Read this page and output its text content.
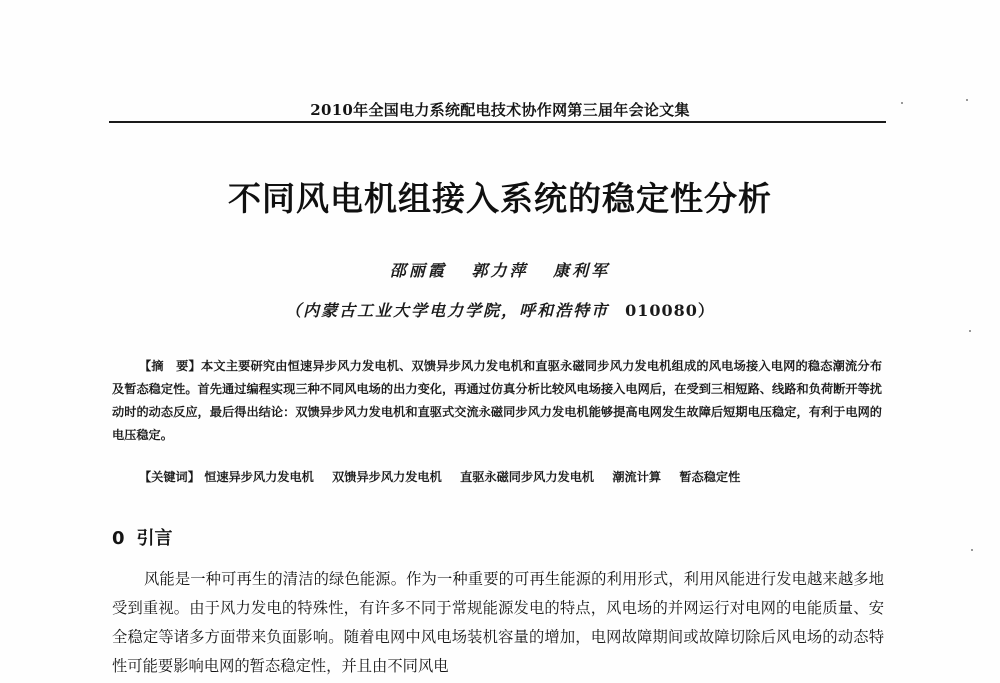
2010年全国电力系统配电技术协作网第三届年会论文集
不同风电机组接入系统的稳定性分析
邵丽霞 郭力萍 康利军
（内蒙古工业大学电力学院，呼和浩特市 010080）

【摘　要】本文主要研究由恒速异步风力发电机、双馈异步风力发电机和直驱永磁同步风力发电机组成的风电场接入电网的稳态潮流分布及暂态稳定性。首先通过编程实现三种不同风电场的出力变化，再通过仿真分析比较风电场接入电网后，在受到三相短路、线路和负荷断开等扰动时的动态反应，最后得出结论：双馈异步风力发电机和直驱式交流永磁同步风力发电机能够提高电网发生故障后短期电压稳定，有利于电网的电压稳定。

【关键词】 恒速异步风力发电机 双馈异步风力发电机 直驱永磁同步风力发电机 潮流计算 暂态稳定性
0 引言

风能是一种可再生的清洁的绿色能源。作为一种重要的可再生能源的利用形式，利用风能进行发电越来越多地受到重视。由于风力发电的特殊性，有许多不同于常规能源发电的特点，风电场的并网运行对电网的电能质量、安全稳定等诸多方面带来负面影响。随着电网中风电场装机容量的增加，电网故障期间或故障切除后风电场的动态特性可能要影响电网的暂态稳定性，并且由不同风电
